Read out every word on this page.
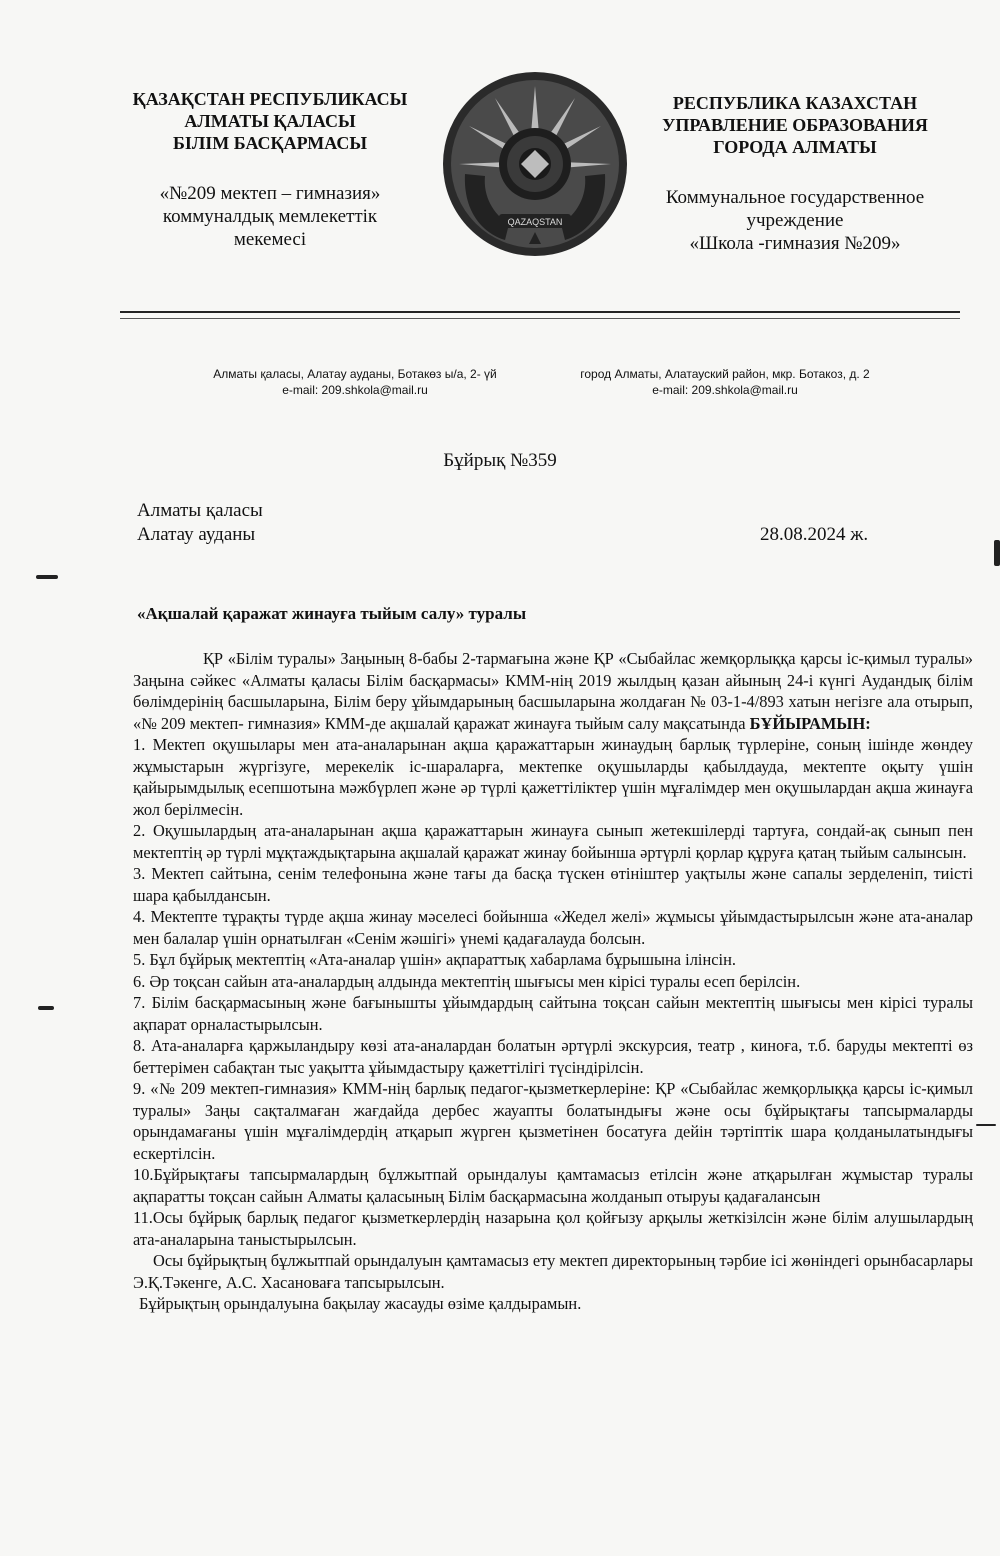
ҚАЗАҚСТАН РЕСПУБЛИКАСЫ
АЛМАТЫ ҚАЛАСЫ
БІЛІМ БАСҚАРМАСЫ
«№209 мектеп – гимназия»
коммуналдық мемлекеттік
мекемесі
QAZAQSTAN
РЕСПУБЛИКА КАЗАХСТАН
УПРАВЛЕНИЕ ОБРАЗОВАНИЯ
ГОРОДА АЛМАТЫ
Коммунальное государственное
учреждение
«Школа -гимназия №209»
Алматы қаласы, Алатау ауданы, Ботакөз ы/а, 2- үй
e-mail: 209.shkola@mail.ru
город Алматы, Алатауский район, мкр. Ботакоз, д. 2
e-mail: 209.shkola@mail.ru
Бұйрық №359
Алматы қаласы
Алатау ауданы	28.08.2024 ж.
«Ақшалай қаражат жинауға тыйым салу» туралы

ҚР «Білім туралы» Заңының 8-бабы 2-тармағына және ҚР «Сыбайлас жемқорлыққа қарсы іс-қимыл туралы» Заңына сәйкес «Алматы қаласы Білім басқармасы» КММ-нің 2019 жылдың қазан айының 24-і күнгі Аудандық білім бөлімдерінің басшыларына, Білім беру ұйымдарының басшыларына жолдаған № 03-1-4/893 хатын негізге ала отырып, «№ 209 мектеп- гимназия» КММ-де ақшалай қаражат жинауға тыйым салу мақсатында БҰЙЫРАМЫН:

1. Мектеп оқушылары мен ата-аналарынан ақша қаражаттарын жинаудың барлық түрлеріне, соның ішінде жөндеу жұмыстарын жүргізуге, мерекелік іс-шараларға, мектепке оқушыларды қабылдауда, мектепте оқыту үшін қайырымдылық есепшотына мәжбүрлеп және әр түрлі қажеттіліктер үшін мұғалімдер мен оқушылардан ақша жинауға жол берілмесін.

2. Оқушылардың ата-аналарынан ақша қаражаттарын жинауға сынып жетекшілерді тартуға, сондай-ақ сынып пен мектептің әр түрлі мұқтаждықтарына ақшалай қаражат жинау бойынша әртүрлі қорлар құруға қатаң тыйым салынсын.

3. Мектеп сайтына, сенім телефонына және тағы да басқа түскен өтініштер уақтылы және сапалы зерделеніп, тиісті шара қабылдансын.

4. Мектепте тұрақты түрде ақша жинау мәселесі бойынша «Жедел желі» жұмысы ұйымдастырылсын және ата-аналар мен балалар үшін орнатылған «Сенім жәшігі» үнемі қадағалауда болсын.

5. Бұл бұйрық мектептің «Ата-аналар үшін» ақпараттық хабарлама бұрышына ілінсін.

6. Әр тоқсан сайын ата-аналардың алдында мектептің шығысы мен кірісі туралы есеп берілсін.

7. Білім басқармасының және бағынышты ұйымдардың сайтына тоқсан сайын мектептің шығысы мен кірісі туралы ақпарат орналастырылсын.

8. Ата-аналарға қаржыландыру көзі ата-аналардан болатын әртүрлі экскурсия, театр , киноға, т.б. баруды мектепті өз беттерімен сабақтан тыс уақытта ұйымдастыру қажеттілігі түсіндірілсін.

9. «№ 209 мектеп-гимназия» КММ-нің барлық педагог-қызметкерлеріне: ҚР «Сыбайлас жемқорлыққа қарсы іс-қимыл туралы» Заңы сақталмаған жағдайда дербес жауапты болатындығы және осы бұйрықтағы тапсырмаларды орындамағаны үшін мұғалімдердің атқарып жүрген қызметінен босатуға дейін тәртіптік шара қолданылатындығы ескертілсін.

10.Бұйрықтағы тапсырмалардың бұлжытпай орындалуы қамтамасыз етілсін және атқарылған жұмыстар туралы ақпаратты тоқсан сайын Алматы қаласының Білім басқармасына жолданып отыруы қадағалансын

11.Осы бұйрық барлық педагог қызметкерлердің назарына қол қойғызу арқылы жеткізілсін және білім алушылардың ата-аналарына таныстырылсын.

Осы бұйрықтың бұлжытпай орындалуын қамтамасыз ету мектеп директорының тәрбие ісі жөніндегі орынбасарлары Э.Қ.Тәкенге, А.С. Хасановаға тапсырылсын.

Бұйрықтың орындалуына бақылау жасауды өзіме қалдырамын.
